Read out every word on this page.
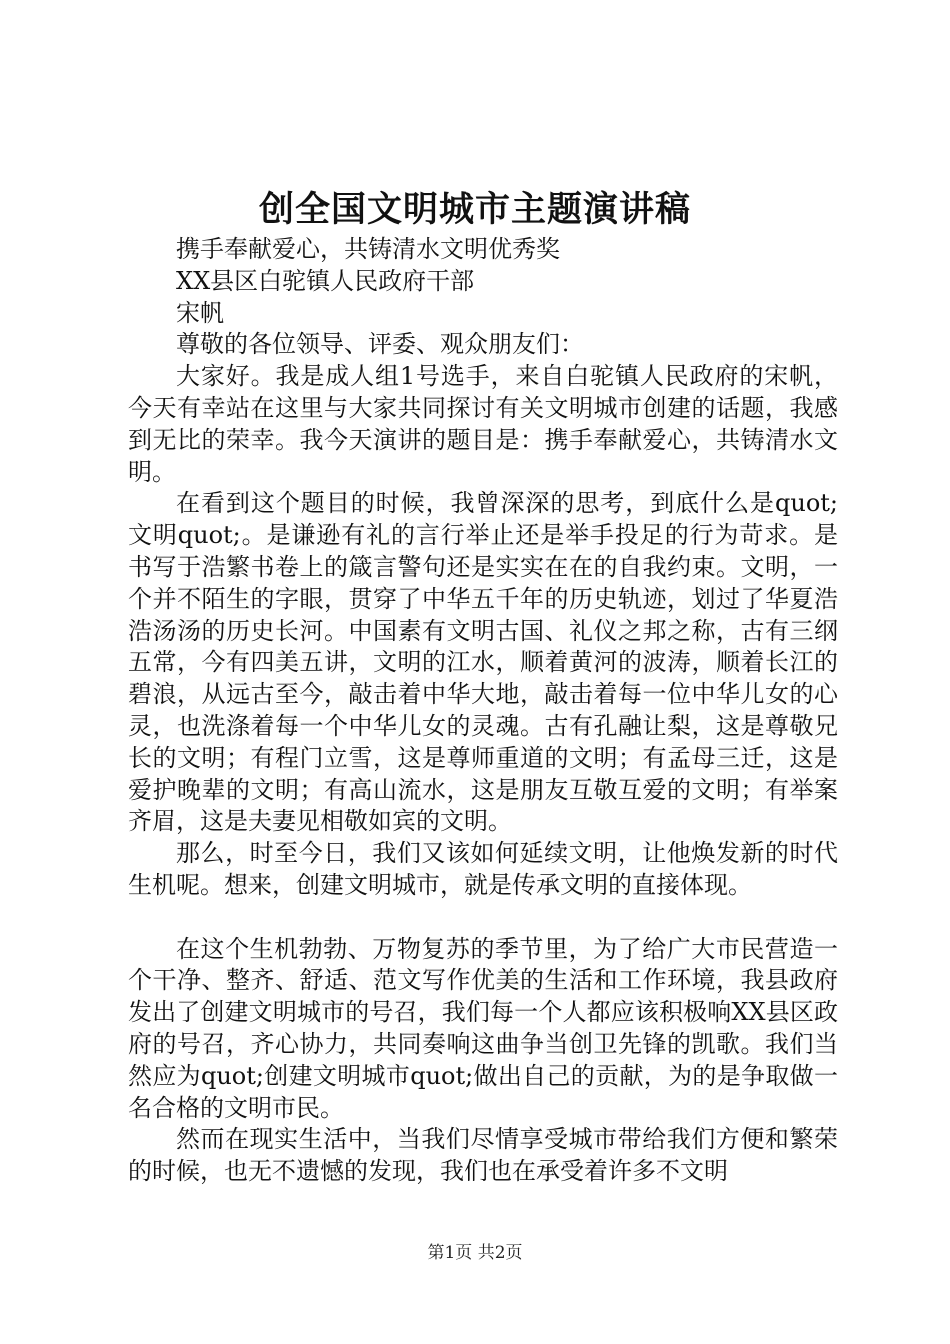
创全国文明城市主题演讲稿

携手奉献爱心，共铸清水文明优秀奖

XX县区白驼镇人民政府干部

宋帆

尊敬的各位领导、评委、观众朋友们：

大家好。我是成人组1号选手，来自白驼镇人民政府的宋帆，今天有幸站在这里与大家共同探讨有关文明城市创建的话题，我感到无比的荣幸。我今天演讲的题目是：携手奉献爱心，共铸清水文明。

在看到这个题目的时候，我曾深深的思考，到底什么是quot;文明quot;。是谦逊有礼的言行举止还是举手投足的行为苛求。是书写于浩繁书卷上的箴言警句还是实实在在的自我约束。文明，一个并不陌生的字眼，贯穿了中华五千年的历史轨迹，划过了华夏浩浩汤汤的历史长河。中国素有文明古国、礼仪之邦之称，古有三纲五常，今有四美五讲，文明的江水，顺着黄河的波涛，顺着长江的碧浪，从远古至今，敲击着中华大地，敲击着每一位中华儿女的心灵，也洗涤着每一个中华儿女的灵魂。古有孔融让梨，这是尊敬兄长的文明；有程门立雪，这是尊师重道的文明；有孟母三迁，这是爱护晚辈的文明；有高山流水，这是朋友互敬互爱的文明；有举案齐眉，这是夫妻见相敬如宾的文明。

那么，时至今日，我们又该如何延续文明，让他焕发新的时代生机呢。想来，创建文明城市，就是传承文明的直接体现。

在这个生机勃勃、万物复苏的季节里，为了给广大市民营造一个干净、整齐、舒适、范文写作优美的生活和工作环境，我县政府发出了创建文明城市的号召，我们每一个人都应该积极响XX县区政府的号召，齐心协力，共同奏响这曲争当创卫先锋的凯歌。我们当然应为quot;创建文明城市quot;做出自己的贡献，为的是争取做一名合格的文明市民。

然而在现实生活中，当我们尽情享受城市带给我们方便和繁荣的时候，也无不遗憾的发现，我们也在承受着许多不文明

第1页 共2页
